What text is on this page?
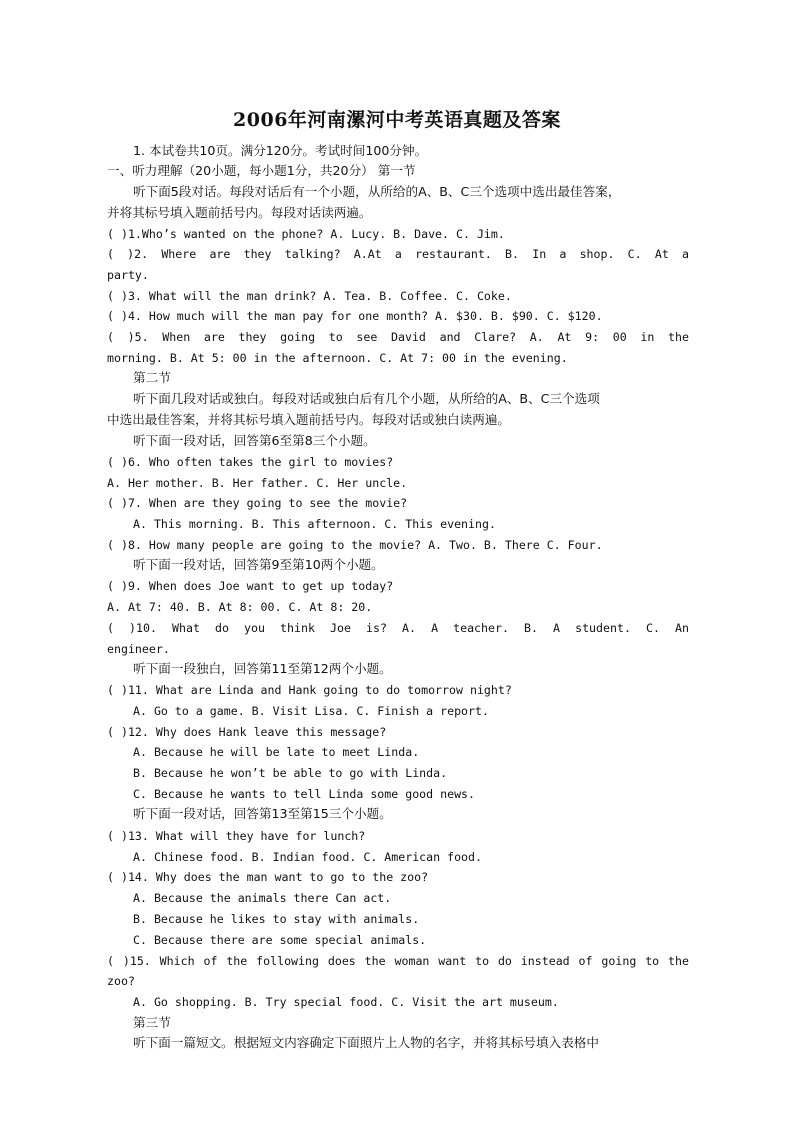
2006年河南漯河中考英语真题及答案
1. 本试卷共10页。满分120分。考试时间100分钟。
一、听力理解（20小题，每小题1分，共20分） 第一节
听下面5段对话。每段对话后有一个小题，从所给的A、B、C三个选项中选出最佳答案，
并将其标号填入题前括号内。每段对话读两遍。
( )1.Who’s wanted on the phone? A. Lucy. B. Dave. C. Jim.
( )2. Where are they talking? A.At a restaurant. B. In a shop. C. At a
party.
( )3. What will the man drink? A. Tea. B. Coffee. C. Coke.
( )4. How much will the man pay for one month? A. $30. B. $90. C. $120.
( )5. When are they going to see David and Clare? A. At 9: 00 in the
morning. B. At 5: 00 in the afternoon. C. At 7: 00 in the evening.
第二节
听下面几段对话或独白。每段对话或独白后有几个小题，从所给的A、B、C三个选项
中选出最佳答案，并将其标号填入题前括号内。每段对话或独白读两遍。
听下面一段对话，回答第6至第8三个小题。
( )6. Who often takes the girl to movies?
A. Her mother. B. Her father. C. Her uncle.
( )7. When are they going to see the movie?
A. This morning. B. This afternoon. C. This evening.
( )8. How many people are going to the movie? A. Two. B. There C. Four.
听下面一段对话，回答第9至第10两个小题。
( )9. When does Joe want to get up today?
A. At 7: 40. B. At 8: 00. C. At 8: 20.
( )10. What do you think Joe is? A. A teacher. B. A student. C. An
engineer.
听下面一段独白，回答第11至第12两个小题。
( )11. What are Linda and Hank going to do tomorrow night?
A. Go to a game. B. Visit Lisa. C. Finish a report.
( )12. Why does Hank leave this message?
A. Because he will be late to meet Linda.
B. Because he won’t be able to go with Linda.
C. Because he wants to tell Linda some good news.
听下面一段对话，回答第13至第15三个小题。
( )13. What will they have for lunch?
A. Chinese food. B. Indian food. C. American food.
( )14. Why does the man want to go to the zoo?
A. Because the animals there Can act.
B. Because he likes to stay with animals.
C. Because there are some special animals.
( )15. Which of the following does the woman want to do instead of going to the
zoo?
A. Go shopping. B. Try special food. C. Visit the art museum.
第三节
听下面一篇短文。根据短文内容确定下面照片上人物的名字，并将其标号填入表格中
